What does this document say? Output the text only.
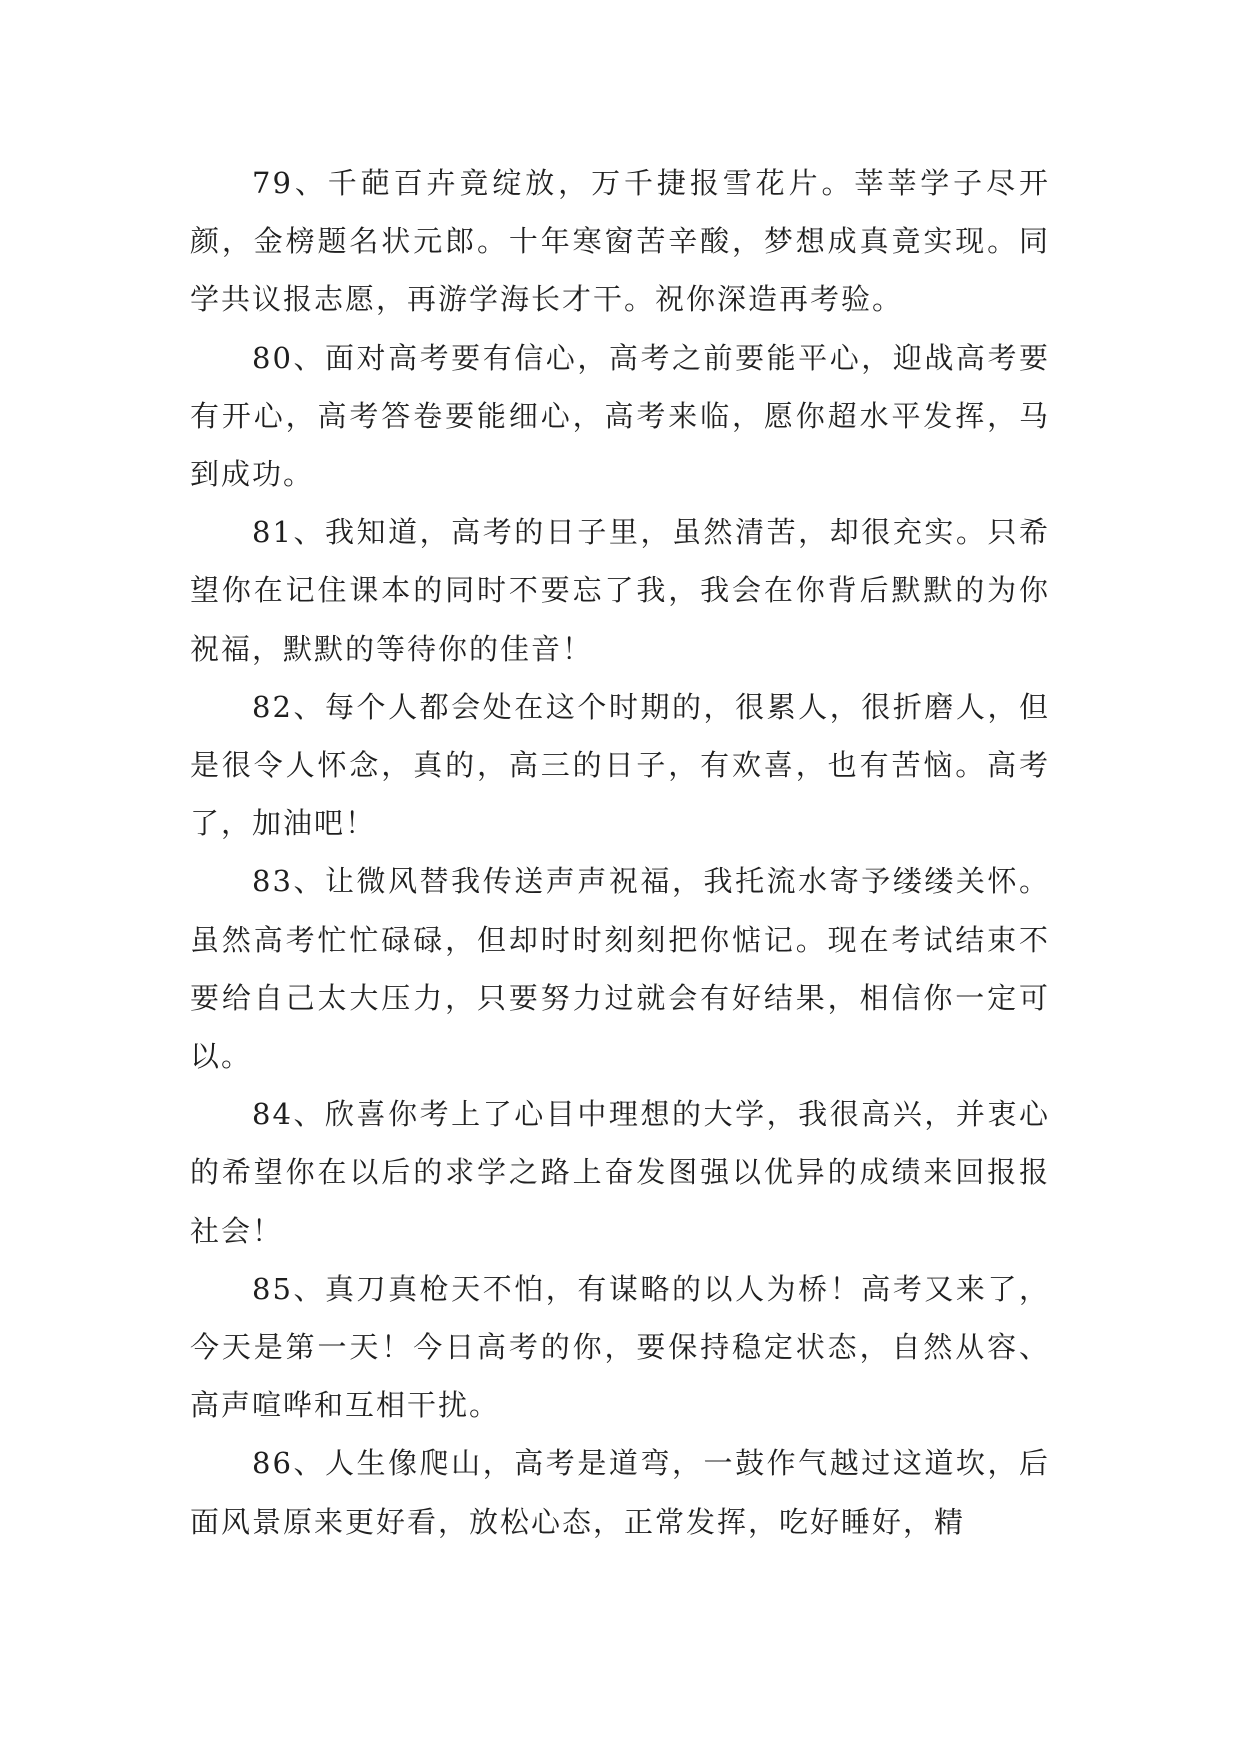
79、千葩百卉竟绽放，万千捷报雪花片。莘莘学子尽开颜，金榜题名状元郎。十年寒窗苦辛酸，梦想成真竟实现。同学共议报志愿，再游学海长才干。祝你深造再考验。

80、面对高考要有信心，高考之前要能平心，迎战高考要有开心，高考答卷要能细心，高考来临，愿你超水平发挥，马到成功。

81、我知道，高考的日子里，虽然清苦，却很充实。只希望你在记住课本的同时不要忘了我，我会在你背后默默的为你祝福，默默的等待你的佳音！

82、每个人都会处在这个时期的，很累人，很折磨人，但是很令人怀念，真的，高三的日子，有欢喜，也有苦恼。高考了，加油吧！

83、让微风替我传送声声祝福，我托流水寄予缕缕关怀。虽然高考忙忙碌碌，但却时时刻刻把你惦记。现在考试结束不要给自己太大压力，只要努力过就会有好结果，相信你一定可以。

84、欣喜你考上了心目中理想的大学，我很高兴，并衷心的希望你在以后的求学之路上奋发图强以优异的成绩来回报报社会！

85、真刀真枪天不怕，有谋略的以人为桥！高考又来了，今天是第一天！今日高考的你，要保持稳定状态，自然从容、高声喧哗和互相干扰。

86、人生像爬山，高考是道弯，一鼓作气越过这道坎，后面风景原来更好看，放松心态，正常发挥，吃好睡好，精
